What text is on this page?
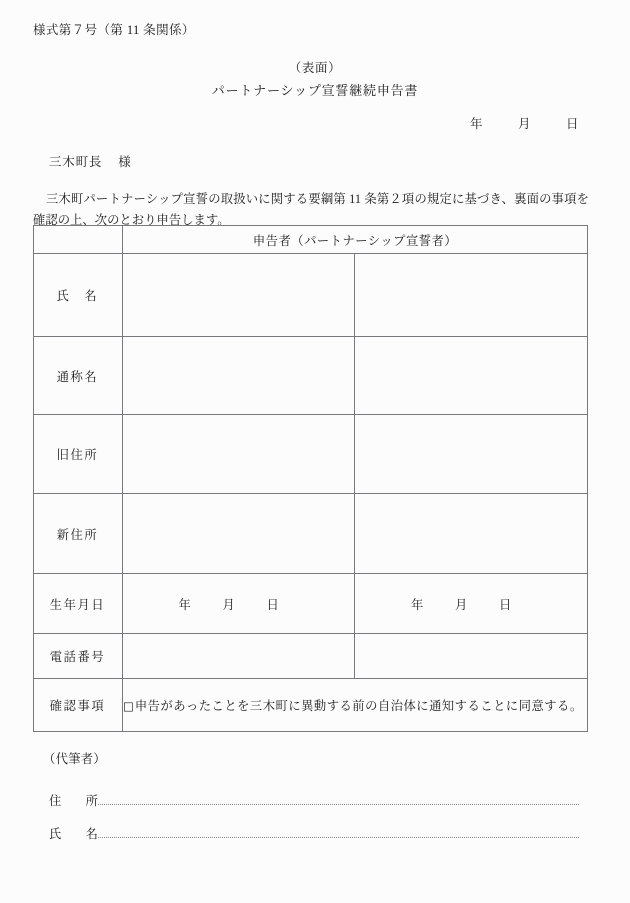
様式第７号（第 11 条関係）
（表面）
パートナーシップ宣誓継続申告書
年	月	日
三木町長 様
三木町パートナーシップ宣誓の取扱いに関する要綱第 11 条第２項の規定に基づき、裏面の事項を確認の上、次のとおり申告します。
	申告者（パートナーシップ宣誓者）	
氏　名		
通称名		
旧住所		
新住所		
生年月日	年 月 日	年 月 日
電話番号		
確認事項	□申告があったことを三木町に異動する前の自治体に通知することに同意する。	
（代筆者）
住　所
氏　名
